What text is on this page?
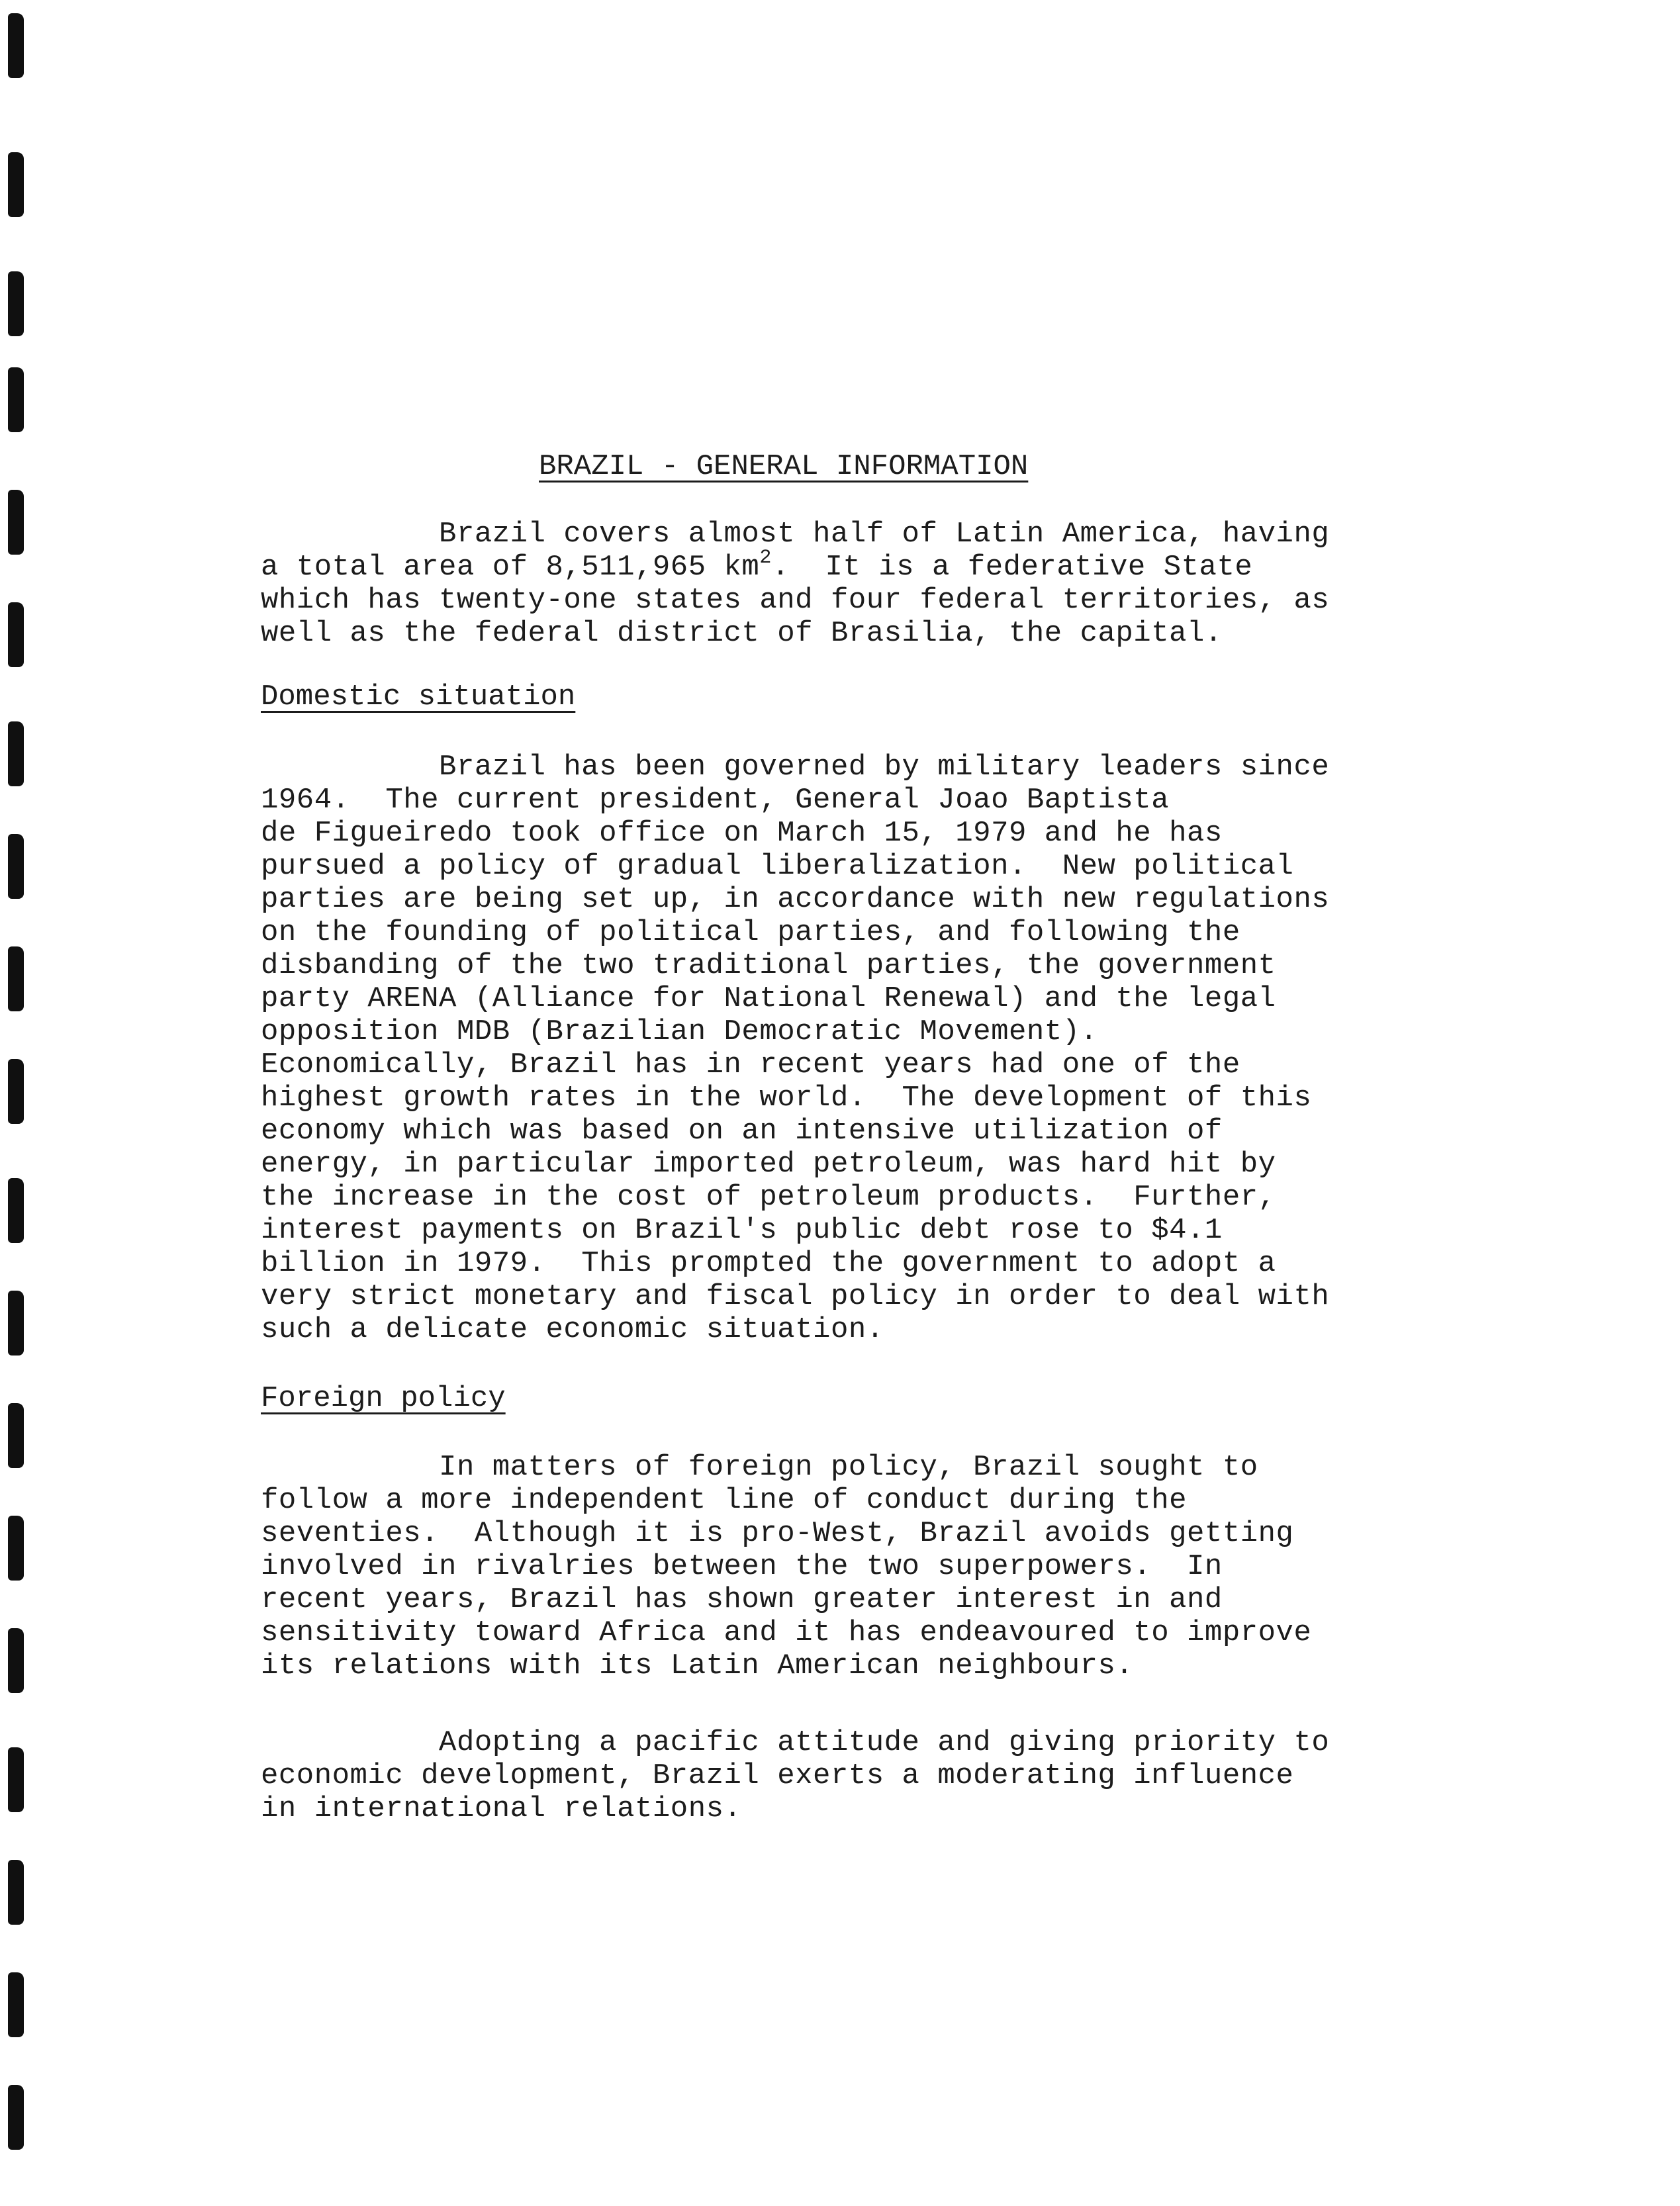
BRAZIL - GENERAL INFORMATION
Brazil covers almost half of Latin America, having
a total area of 8,511,965 $km^2$.  It is a federative State
which has twenty-one states and four federal territories, as
well as the federal district of Brasilia, the capital.
Domestic situation
Brazil has been governed by military leaders since
1964.  The current president, General Joao Baptista
de Figueiredo took office on March 15, 1979 and he has
pursued a policy of gradual liberalization.  New political
parties are being set up, in accordance with new regulations
on the founding of political parties, and following the
disbanding of the two traditional parties, the government
party ARENA (Alliance for National Renewal) and the legal
opposition MDB (Brazilian Democratic Movement).
Economically, Brazil has in recent years had one of the
highest growth rates in the world.  The development of this
economy which was based on an intensive utilization of
energy, in particular imported petroleum, was hard hit by
the increase in the cost of petroleum products.  Further,
interest payments on Brazil's public debt rose to $4.1
billion in 1979.  This prompted the government to adopt a
very strict monetary and fiscal policy in order to deal with
such a delicate economic situation.
Foreign policy
In matters of foreign policy, Brazil sought to
follow a more independent line of conduct during the
seventies.  Although it is pro-West, Brazil avoids getting
involved in rivalries between the two superpowers.  In
recent years, Brazil has shown greater interest in and
sensitivity toward Africa and it has endeavoured to improve
its relations with its Latin American neighbours.
Adopting a pacific attitude and giving priority to
economic development, Brazil exerts a moderating influence
in international relations.
